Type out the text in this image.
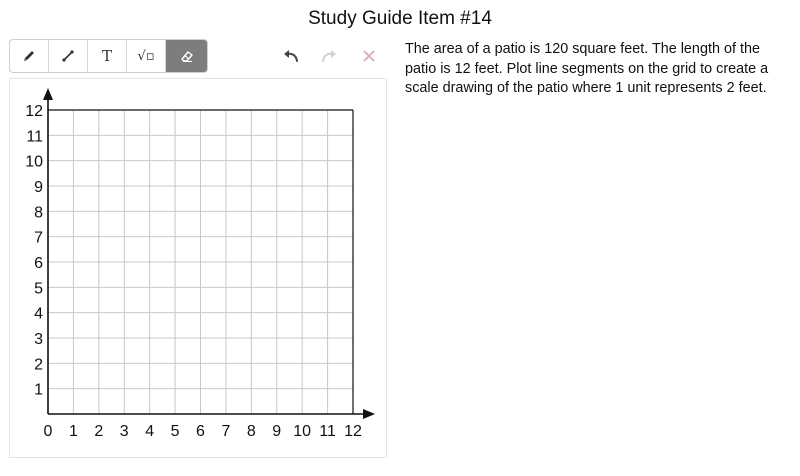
Study Guide Item #14
T √▫	The area of a patio is 120 square feet. The length of the patio is 12 feet. Plot line segments on the grid to create a scale drawing of the patio where 1 unit represents 2 feet.
0 1 2 3 4 5 6 7 8 9 10 11 12
1
2
3
4
5
6
7
8
9
10
11
12
